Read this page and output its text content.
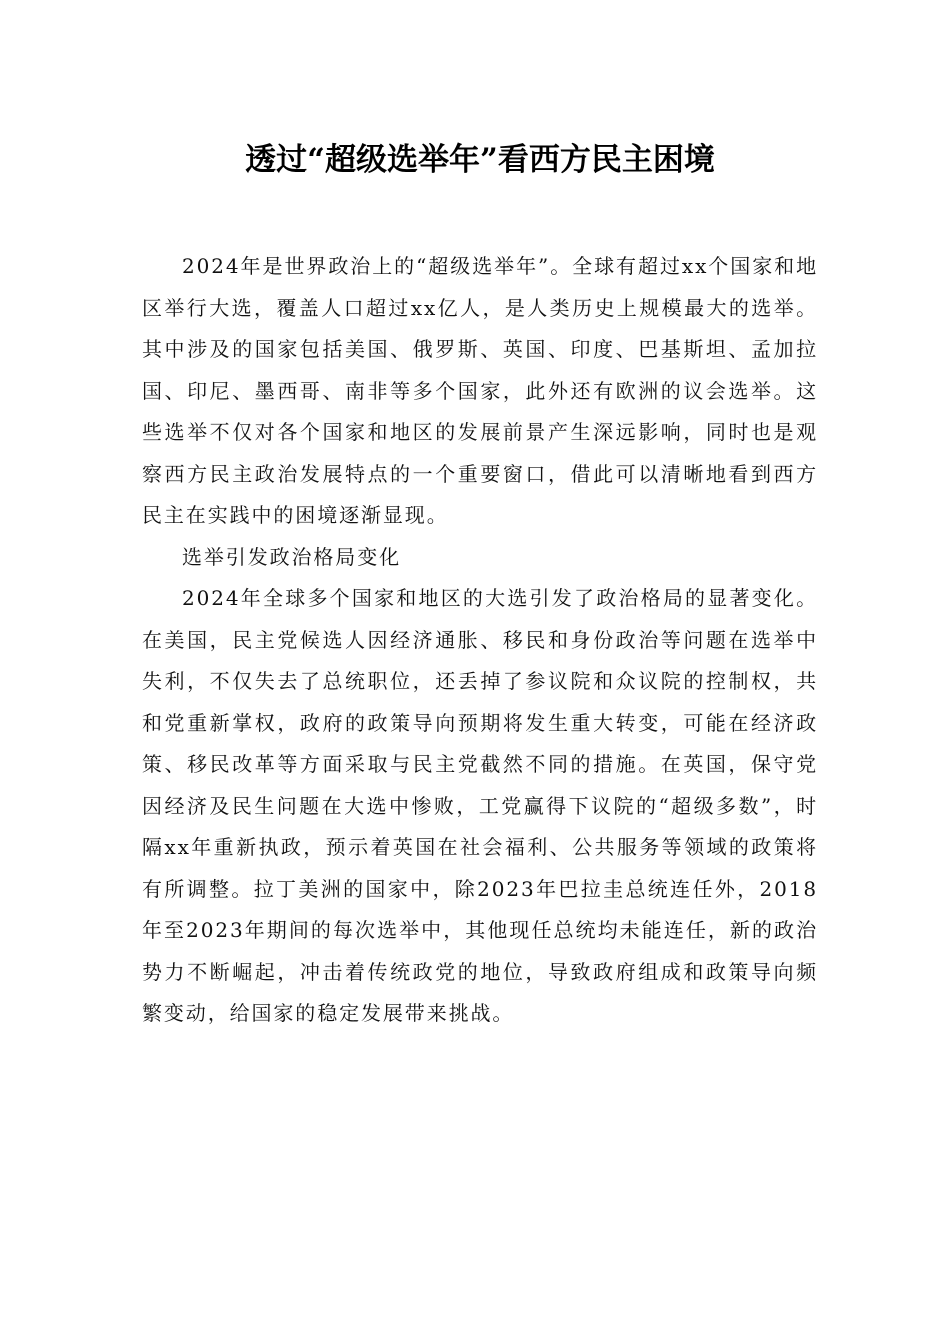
透过“超级选举年”看西方民主困境

2024年是世界政治上的“超级选举年”。全球有超过xx个国家和地区举行大选，覆盖人口超过xx亿人，是人类历史上规模最大的选举。其中涉及的国家包括美国、俄罗斯、英国、印度、巴基斯坦、孟加拉国、印尼、墨西哥、南非等多个国家，此外还有欧洲的议会选举。这些选举不仅对各个国家和地区的发展前景产生深远影响，同时也是观察西方民主政治发展特点的一个重要窗口，借此可以清晰地看到西方民主在实践中的困境逐渐显现。

选举引发政治格局变化

2024年全球多个国家和地区的大选引发了政治格局的显著变化。在美国，民主党候选人因经济通胀、移民和身份政治等问题在选举中失利，不仅失去了总统职位，还丢掉了参议院和众议院的控制权，共和党重新掌权，政府的政策导向预期将发生重大转变，可能在经济政策、移民改革等方面采取与民主党截然不同的措施。在英国，保守党因经济及民生问题在大选中惨败，工党赢得下议院的“超级多数”，时隔xx年重新执政，预示着英国在社会福利、公共服务等领域的政策将有所调整。拉丁美洲的国家中，除2023年巴拉圭总统连任外，2018年至2023年期间的每次选举中，其他现任总统均未能连任，新的政治势力不断崛起，冲击着传统政党的地位，导致政府组成和政策导向频繁变动，给国家的稳定发展带来挑战。
